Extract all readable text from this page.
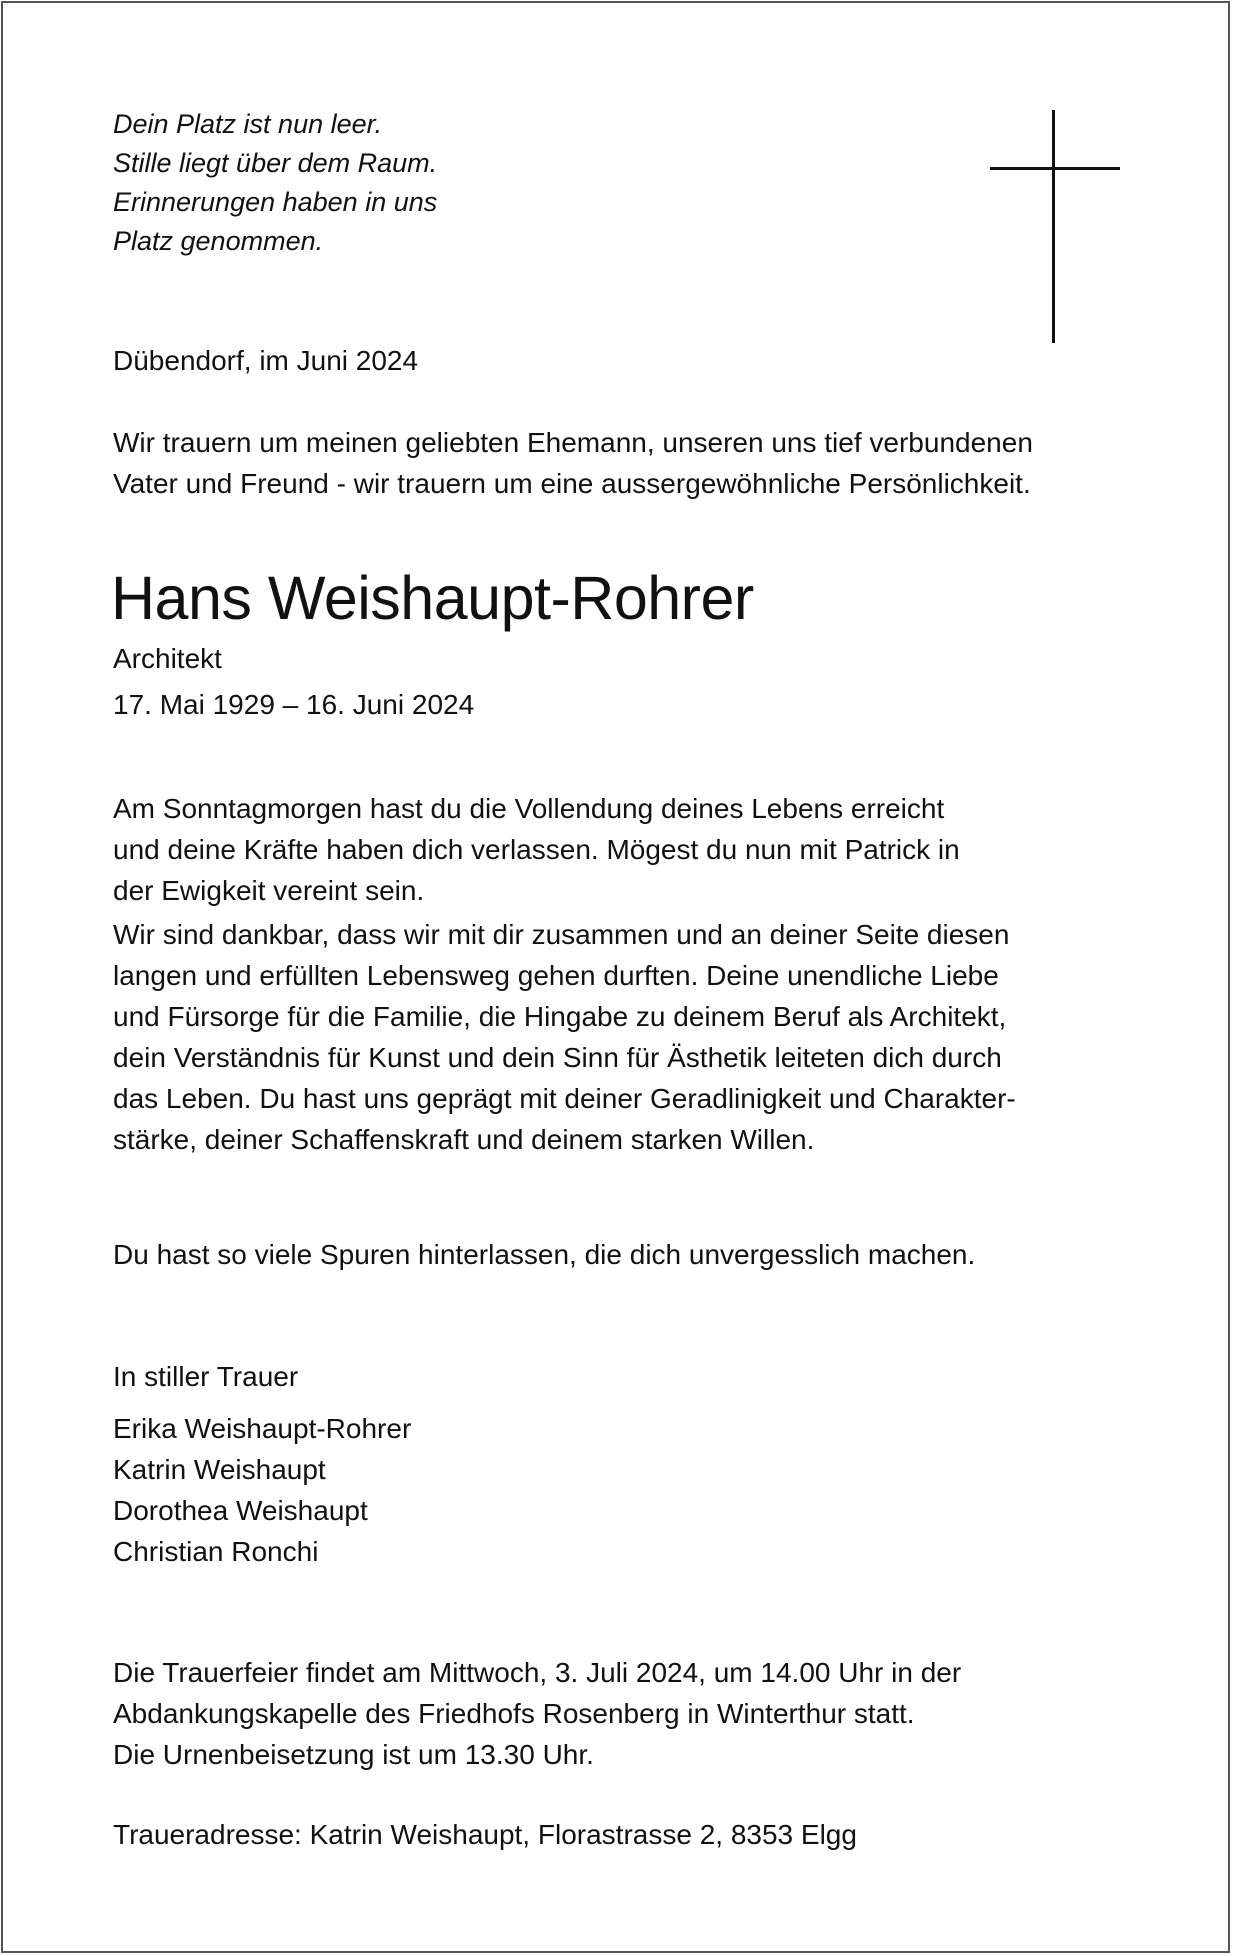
Dein Platz ist nun leer.
Stille liegt über dem Raum.
Erinnerungen haben in uns
Platz genommen.
Dübendorf, im Juni 2024
Wir trauern um meinen geliebten Ehemann, unseren uns tief verbundenen
Vater und Freund - wir trauern um eine aussergewöhnliche Persönlichkeit.
Hans Weishaupt-Rohrer
Architekt
17. Mai 1929 – 16. Juni 2024
Am Sonntagmorgen hast du die Vollendung deines Lebens erreicht
und deine Kräfte haben dich verlassen. Mögest du nun mit Patrick in
der Ewigkeit vereint sein.
Wir sind dankbar, dass wir mit dir zusammen und an deiner Seite diesen
langen und erfüllten Lebensweg gehen durften. Deine unendliche Liebe
und Fürsorge für die Familie, die Hingabe zu deinem Beruf als Architekt,
dein Verständnis für Kunst und dein Sinn für Ästhetik leiteten dich durch
das Leben. Du hast uns geprägt mit deiner Geradlinigkeit und Charakter-
stärke, deiner Schaffenskraft und deinem starken Willen.
Du hast so viele Spuren hinterlassen, die dich unvergesslich machen.
In stiller Trauer
Erika Weishaupt-Rohrer
Katrin Weishaupt
Dorothea Weishaupt
Christian Ronchi
Die Trauerfeier findet am Mittwoch, 3. Juli 2024, um 14.00 Uhr in der
Abdankungskapelle des Friedhofs Rosenberg in Winterthur statt.
Die Urnenbeisetzung ist um 13.30 Uhr.
Traueradresse: Katrin Weishaupt, Florastrasse 2, 8353 Elgg
